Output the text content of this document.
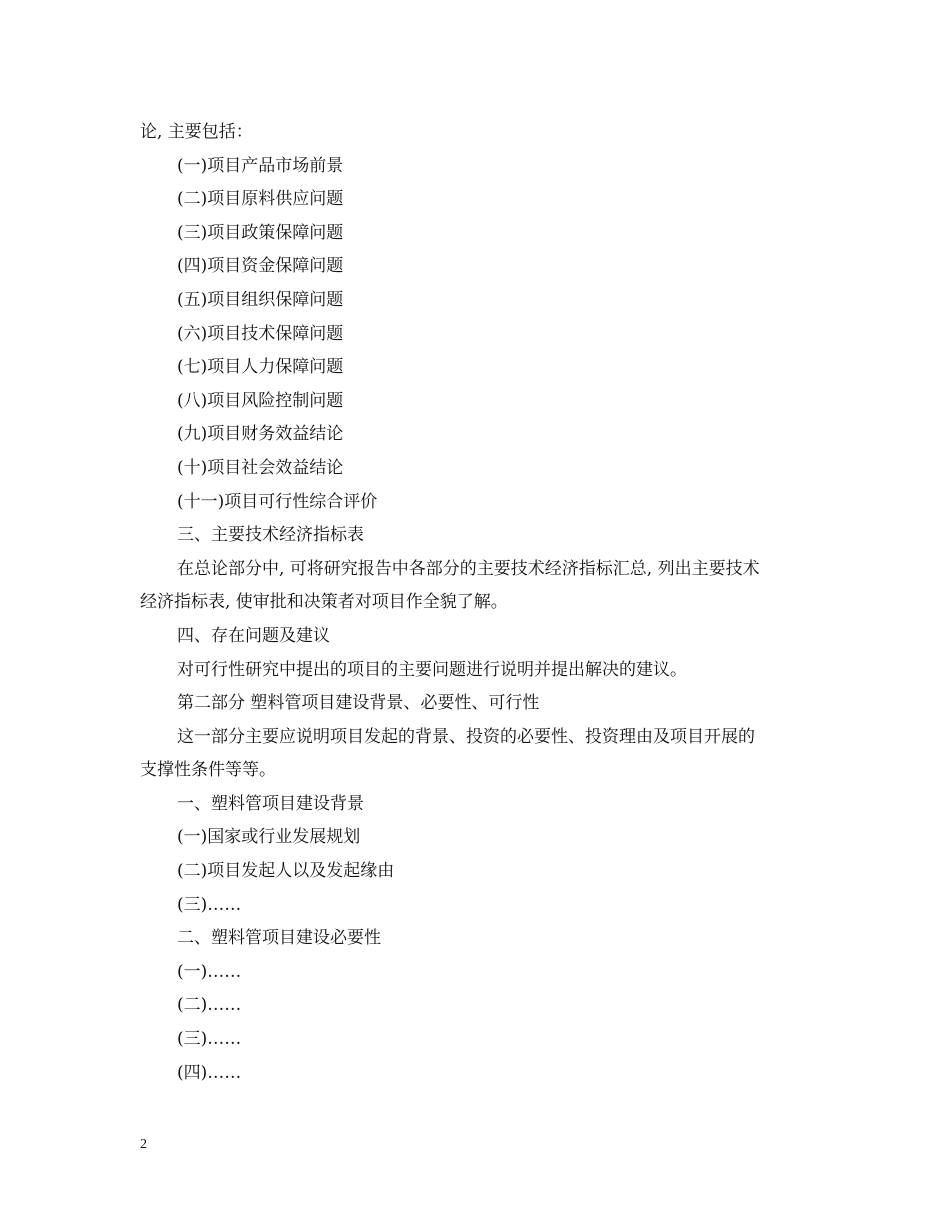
论, 主要包括：

(一)项目产品市场前景

(二)项目原料供应问题

(三)项目政策保障问题

(四)项目资金保障问题

(五)项目组织保障问题

(六)项目技术保障问题

(七)项目人力保障问题

(八)项目风险控制问题

(九)项目财务效益结论

(十)项目社会效益结论

(十一)项目可行性综合评价

三、主要技术经济指标表

在总论部分中, 可将研究报告中各部分的主要技术经济指标汇总, 列出主要技术

经济指标表, 使审批和决策者对项目作全貌了解。

四、存在问题及建议

对可行性研究中提出的项目的主要问题进行说明并提出解决的建议。

第二部分 塑料管项目建设背景、必要性、可行性

这一部分主要应说明项目发起的背景、投资的必要性、投资理由及项目开展的

支撑性条件等等。

一、塑料管项目建设背景

(一)国家或行业发展规划

(二)项目发起人以及发起缘由

(三)……

二、塑料管项目建设必要性

(一)……

(二)……

(三)……

(四)……

2
